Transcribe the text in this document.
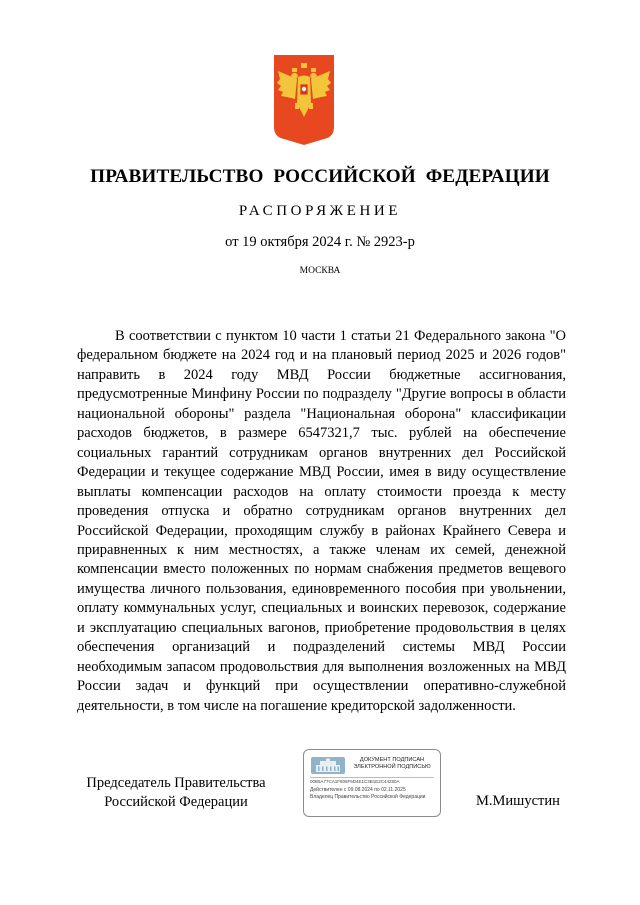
ПРАВИТЕЛЬСТВО РОССИЙСКОЙ ФЕДЕРАЦИИ
РАСПОРЯЖЕНИЕ
от 19 октября 2024 г. № 2923-р
МОСКВА

В соответствии с пунктом 10 части 1 статьи 21 Федерального закона "О федеральном бюджете на 2024 год и на плановый период 2025 и 2026 годов" направить в 2024 году МВД России бюджетные ассигнования, предусмотренные Минфину России по подразделу "Другие вопросы в области национальной обороны" раздела "Национальная оборона" классификации расходов бюджетов, в размере 6547321,7 тыс. рублей на обеспечение социальных гарантий сотрудникам органов внутренних дел Российской Федерации и текущее содержание МВД России, имея в виду осуществление выплаты компенсации расходов на оплату стоимости проезда к месту проведения отпуска и обратно сотрудникам органов внутренних дел Российской Федерации, проходящим службу в районах Крайнего Севера и приравненных к ним местностях, а также членам их семей, денежной компенсации вместо положенных по нормам снабжения предметов вещевого имущества личного пользования, единовременного пособия при увольнении, оплату коммунальных услуг, специальных и воинских перевозок, содержание и эксплуатацию специальных вагонов, приобретение продовольствия в целях обеспечения организаций и подразделений системы МВД России необходимым запасом продовольствия для выполнения возложенных на МВД России задач и функций при осуществлении оперативно-служебной деятельности, в том числе на погашение кредиторской задолженности.

Председатель Правительства
Российской Федерации
ДОКУМЕНТ ПОДПИСАН
ЭЛЕКТРОННОЙ ПОДПИСЬЮ
00B5A77CA1F606F6D4E1C3B1E2C44280A
Действителен с 09.08.2024 по 02.11.2025
Владелец Правительство Российской Федерации	М.Мишустин
